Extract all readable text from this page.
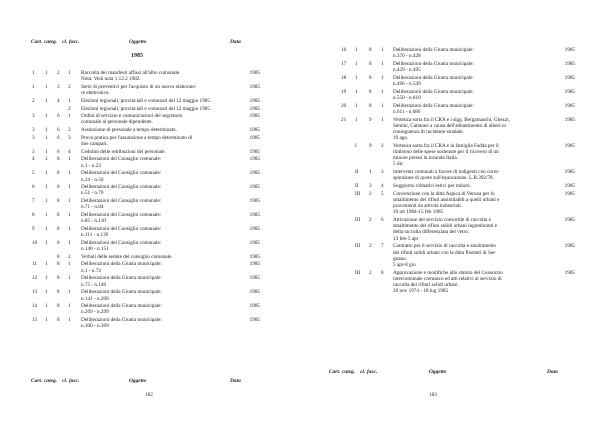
Cart. categ. cl. fasc.	Oggetto	Data
1985
1	1	2	1	Raccolta dei manifesti affissi all'albo comunale.
Nota: Vedi nota 1.12.2 1982.	1985
1	1	3	2	Serie di preventivi per l'acquisto di un nuovo elaborato-
re elettronico.	1985
2	1	4	1	Elezioni regionali, provinciali e comunali del 12 maggio 1985	1985
			2	Elezioni regionali, provinciali e comunali del 12 maggio 1985	1985
3	1	6	1	Ordini di servizio e comunicazioni del segretario
comunale al personale dipendente.	1985
3	1	6	2	Assunzione di personale a tempo determinato.	1985
3	1	6	3	Prova pratica per l'assunzione a tempo determinato di
due campari.	1985
3	1	6	4	Cedolini delle retribuzioni del personale.	1985
4	1	8	1	Deliberazioni del Consiglio comunale:
n.1 - n.23	1985
5	1	8	1	Deliberazioni del Consiglio comunale:
n.24 - n.50	1985
6	1	8	1	Deliberazioni del Consiglio comunale:
n.51 - n.70	1985
7	1	8	1	Deliberazioni del Consiglio comunale:
n.71 - n.84	1985
8	1	8	1	Deliberazioni del Consiglio comunale:
n.85 - n.110	1985
9	1	8	1	Deliberazioni del Consiglio comunale:
n.111 - n.139	1985
10	1	8	1	Deliberazioni del Consiglio comunale:
n.140 - n.151	1985
		8	2	Verbali delle sedute del consiglio comunale.	1985
11	1	8	1	Deliberazioni della Giunta municipale:
n.1 - n.74	1985
12	1	8	1	Deliberazioni della Giunta municipale:
n.75 - n.140	1985
13	1	8	1	Deliberazioni della Giunta municipale:
n.141 - n.208	1985
14	1	8	1	Deliberazioni della Giunta municipale:
n.209 - n.299	1985
15	1	8	1	Deliberazioni della Giunta municipale:
n.300 - n.369	1985
Cart. categ. cl. fasc.	Oggetto	Data
182
16	1	8	1	Deliberazioni della Giunta municipale:
n.370 - n.428	1985
17	1	8	1	Deliberazioni della Giunta municipale:
n.429 - n.495	1985
18	1	8	1	Deliberazioni della Giunta municipale:
n.496 - n.549	1985
19	1	8	1	Deliberazioni della Giunta municipale:
n.550 - n.610	1985
20	1	8	1	Deliberazioni della Giunta municipale:
n.611 - n.686	1985
21	1	9	1	Vertenza sorta fra il CRA e i sigg. Bergamaschi, Ghezzi,
Semini, Cattaneo a causa dell'abbattimento di alberi in
conseguenza di incidente stradale.
19 ago.	1985
	I	9	2	Vertenza sorta fra il CRA e la famiglia Fadda per il
rimborso delle spese sostenute per il ricovero di un
minore presso la locanda Italia.
5 dic	1985
	II	1	3	Interventi comunali a favore di indigenti con corre-
sponsione di quote sull'equocanone, L.R.392/78.	1985
	II	3	4	Soggiorno climatici estivi per minori.	1985
	III	2	5	Convenzione con la ditta Aspica di Verona per lo
smaltimento dei rifiuti assimilabili a quelli urbani e
provenienti da attività industriali.
10 ott 1984-15 feb 1985	1985
	III	2	6	Attivazione del servizio consortile di raccolta e
smaltimento dei rifiuti solidi urbani ingombranti e
della raccolta differenziata del vetro.
13 feb-5 apr	1985
	III	2	7	Contratto per il servizio di raccolta e smaltimento
dei rifiuti solidi urbani con la ditta Paoletti di Ser-
gnano.
5 apr-8 giu	1985
	III	2	8	Approvazione e modifiche allo statuto del Consorzio
intercomunale cremasco ed atti relativi al servizio di
raccolta dei rifiuti solidi urbani.
20 nov 1974 - 18 lug 1985	1985
Cart. categ. cl. fasc.	Oggetto	Data
183
